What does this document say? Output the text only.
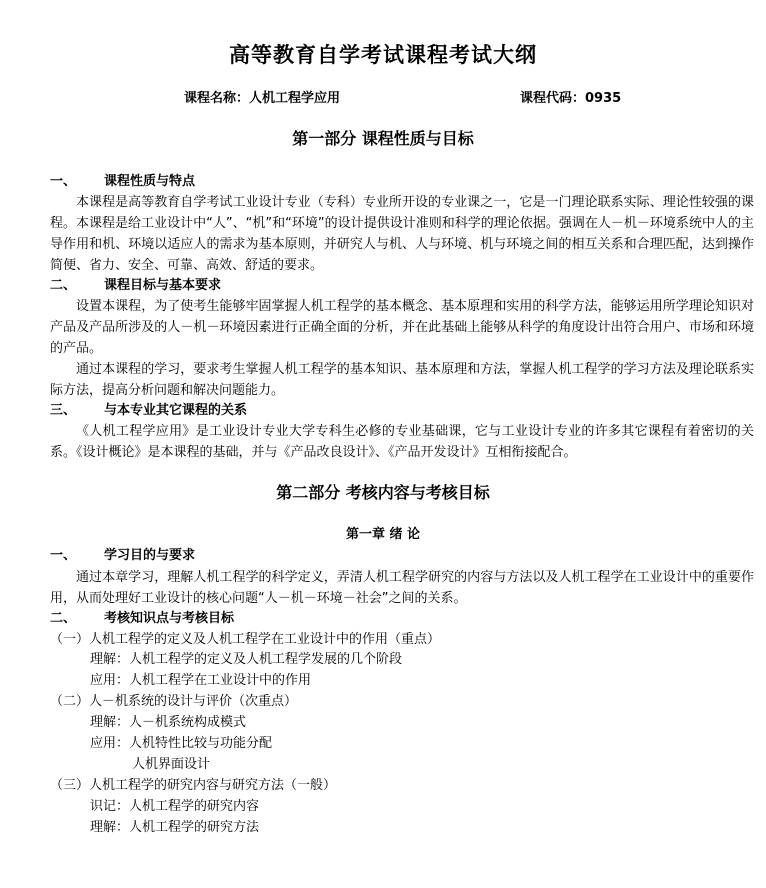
高等教育自学考试课程考试大纲
课程名称：人机工程学应用	课程代码：0935
第一部分 课程性质与目标
一、 课程性质与特点
本课程是高等教育自学考试工业设计专业（专科）专业所开设的专业课之一，它是一门理论联系实际、理论性较强的课程。本课程是给工业设计中“人”、“机”和“环境”的设计提供设计准则和科学的理论依据。强调在人－机－环境系统中人的主导作用和机、环境以适应人的需求为基本原则，并研究人与机、人与环境、机与环境之间的相互关系和合理匹配，达到操作简便、省力、安全、可靠、高效、舒适的要求。
二、 课程目标与基本要求
设置本课程，为了使考生能够牢固掌握人机工程学的基本概念、基本原理和实用的科学方法，能够运用所学理论知识对产品及产品所涉及的人－机－环境因素进行正确全面的分析，并在此基础上能够从科学的角度设计出符合用户、市场和环境的产品。
通过本课程的学习，要求考生掌握人机工程学的基本知识、基本原理和方法，掌握人机工程学的学习方法及理论联系实际方法，提高分析问题和解决问题能力。
三、 与本专业其它课程的关系
《人机工程学应用》是工业设计专业大学专科生必修的专业基础课，它与工业设计专业的许多其它课程有着密切的关系。《设计概论》是本课程的基础，并与《产品改良设计》、《产品开发设计》互相衔接配合。
第二部分 考核内容与考核目标
第一章 绪 论
一、 学习目的与要求
通过本章学习，理解人机工程学的科学定义，弄清人机工程学研究的内容与方法以及人机工程学在工业设计中的重要作用，从而处理好工业设计的核心问题“人－机－环境－社会”之间的关系。
二、 考核知识点与考核目标
（一）人机工程学的定义及人机工程学在工业设计中的作用（重点）
理解：人机工程学的定义及人机工程学发展的几个阶段
应用：人机工程学在工业设计中的作用
（二）人－机系统的设计与评价（次重点）
理解：人－机系统构成模式
应用：人机特性比较与功能分配
人机界面设计
（三）人机工程学的研究内容与研究方法（一般）
识记：人机工程学的研究内容
理解：人机工程学的研究方法
